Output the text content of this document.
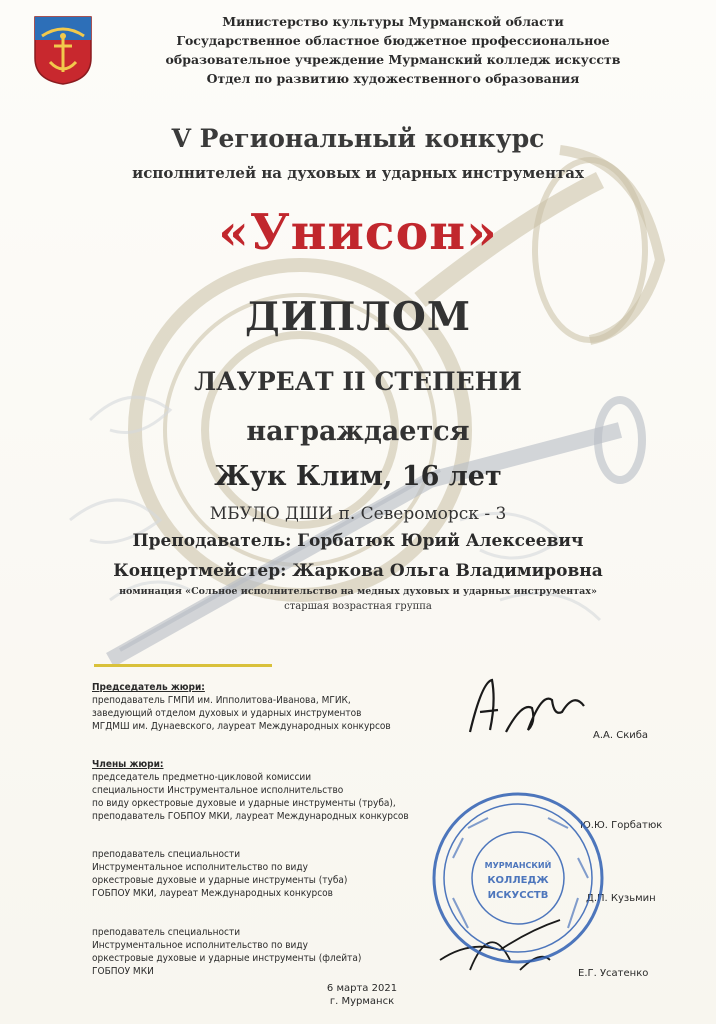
Министерство культуры Мурманской области
Государственное областное бюджетное профессиональное
образовательное учреждение Мурманский колледж искусств
Отдел по развитию художественного образования
V Региональный конкурс
исполнителей на духовых и ударных инструментах
«Унисон»
ДИПЛОМ
ЛАУРЕАТ II СТЕПЕНИ
награждается
Жук Клим, 16 лет
МБУДО ДШИ п. Североморск - 3
Преподаватель: Горбатюк Юрий Алексеевич
Концертмейстер: Жаркова Ольга Владимировна
номинация «Сольное исполнительство на медных духовых и ударных инструментах»
старшая возрастная группа
Председатель жюри:
преподаватель ГМПИ им. Ипполитова-Иванова, МГИК,
заведующий отделом духовых и ударных инструментов
МГДМШ им. Дунаевского, лауреат Международных конкурсов
А.А. Скиба
Члены жюри:
председатель предметно-цикловой комиссии
специальности Инструментальное исполнительство
по виду оркестровые духовые и ударные инструменты (труба),
преподаватель ГОБПОУ МКИ, лауреат Международных конкурсов
Ю.Ю. Горбатюк
преподаватель специальности
Инструментальное исполнительство по виду
оркестровые духовые и ударные инструменты (туба)
ГОБПОУ МКИ, лауреат Международных конкурсов	Д.П. Кузьмин
преподаватель специальности
Инструментальное исполнительство по виду
оркестровые духовые и ударные инструменты (флейта)
ГОБПОУ МКИ	Е.Г. Усатенко
6 марта 2021
г. Мурманск
МУРМАНСКИЙ
КОЛЛЕДЖ
ИСКУССТВ
